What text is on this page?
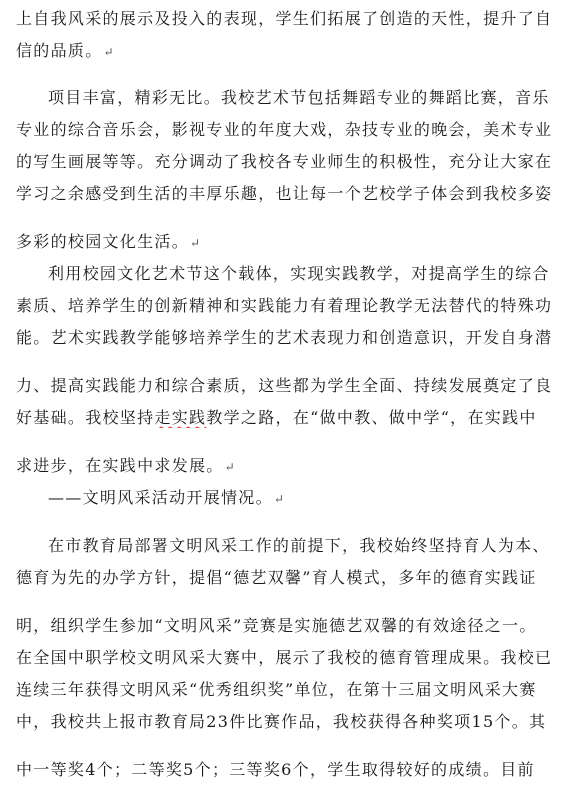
上自我风采的展示及投入的表现，学生们拓展了创造的天性，提升了自
信的品质。↵
项目丰富，精彩无比。我校艺术节包括舞蹈专业的舞蹈比赛，音乐
专业的综合音乐会，影视专业的年度大戏，杂技专业的晚会，美术专业
的写生画展等等。充分调动了我校各专业师生的积极性，充分让大家在
学习之余感受到生活的丰厚乐趣，也让每一个艺校学子体会到我校多姿
多彩的校园文化生活。↵
利用校园文化艺术节这个载体，实现实践教学，对提高学生的综合
素质、培养学生的创新精神和实践能力有着理论教学无法替代的特殊功
能。艺术实践教学能够培养学生的艺术表现力和创造意识，开发自身潜
力、提高实践能力和综合素质，这些都为学生全面、持续发展奠定了良
好基础。我校坚持走实践教学之路，在“做中教、做中学“，在实践中
求进步，在实践中求发展。↵
——文明风采活动开展情况。↵
在市教育局部署文明风采工作的前提下，我校始终坚持育人为本、
德育为先的办学方针，提倡“德艺双馨”育人模式，多年的德育实践证
明，组织学生参加“文明风采”竞赛是实施德艺双馨的有效途径之一。
在全国中职学校文明风采大赛中，展示了我校的德育管理成果。我校已
连续三年获得文明风采“优秀组织奖”单位，在第十三届文明风采大赛
中，我校共上报市教育局23件比赛作品，我校获得各种奖项15个。其
中一等奖4个；二等奖5个；三等奖6个，学生取得较好的成绩。目前
